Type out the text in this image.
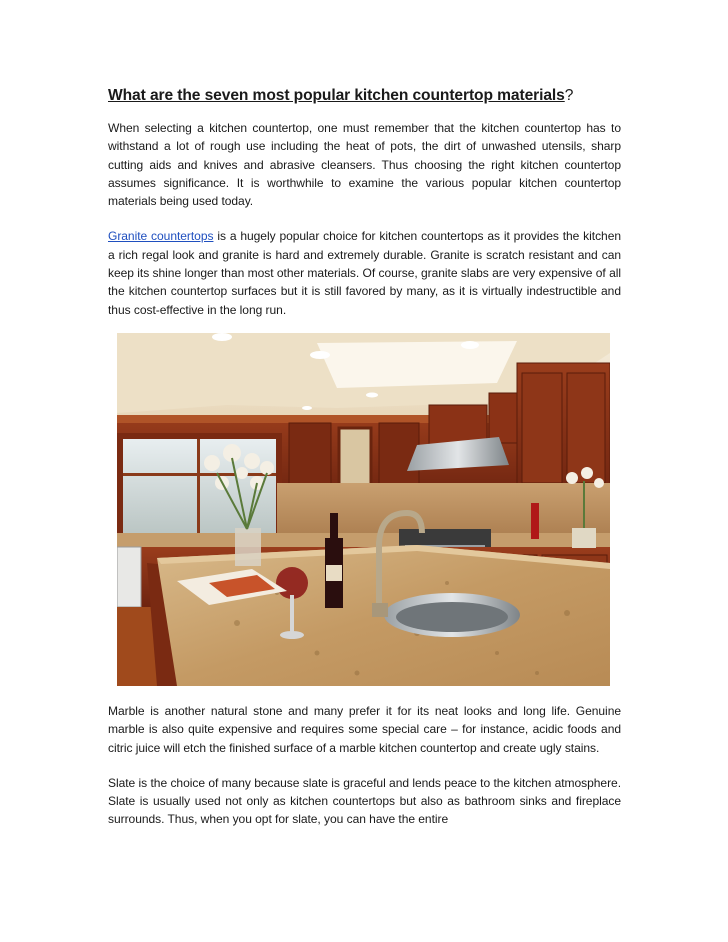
What are the seven most popular kitchen countertop materials?

When selecting a kitchen countertop, one must remember that the kitchen countertop has to withstand a lot of rough use including the heat of pots, the dirt of unwashed utensils, sharp cutting aids and knives and abrasive cleansers. Thus choosing the right kitchen countertop assumes significance. It is worthwhile to examine the various popular kitchen countertop materials being used today.

Granite countertops is a hugely popular choice for kitchen countertops as it provides the kitchen a rich regal look and granite is hard and extremely durable. Granite is scratch resistant and can keep its shine longer than most other materials. Of course, granite slabs are very expensive of all the kitchen countertop surfaces but it is still favored by many, as it is virtually indestructible and thus cost-effective in the long run.

Marble is another natural stone and many prefer it for its neat looks and long life. Genuine marble is also quite expensive and requires some special care – for instance, acidic foods and citric juice will etch the finished surface of a marble kitchen countertop and create ugly stains.

Slate is the choice of many because slate is graceful and lends peace to the kitchen atmosphere. Slate is usually used not only as kitchen countertops but also as bathroom sinks and fireplace surrounds. Thus, when you opt for slate, you can have the entire
